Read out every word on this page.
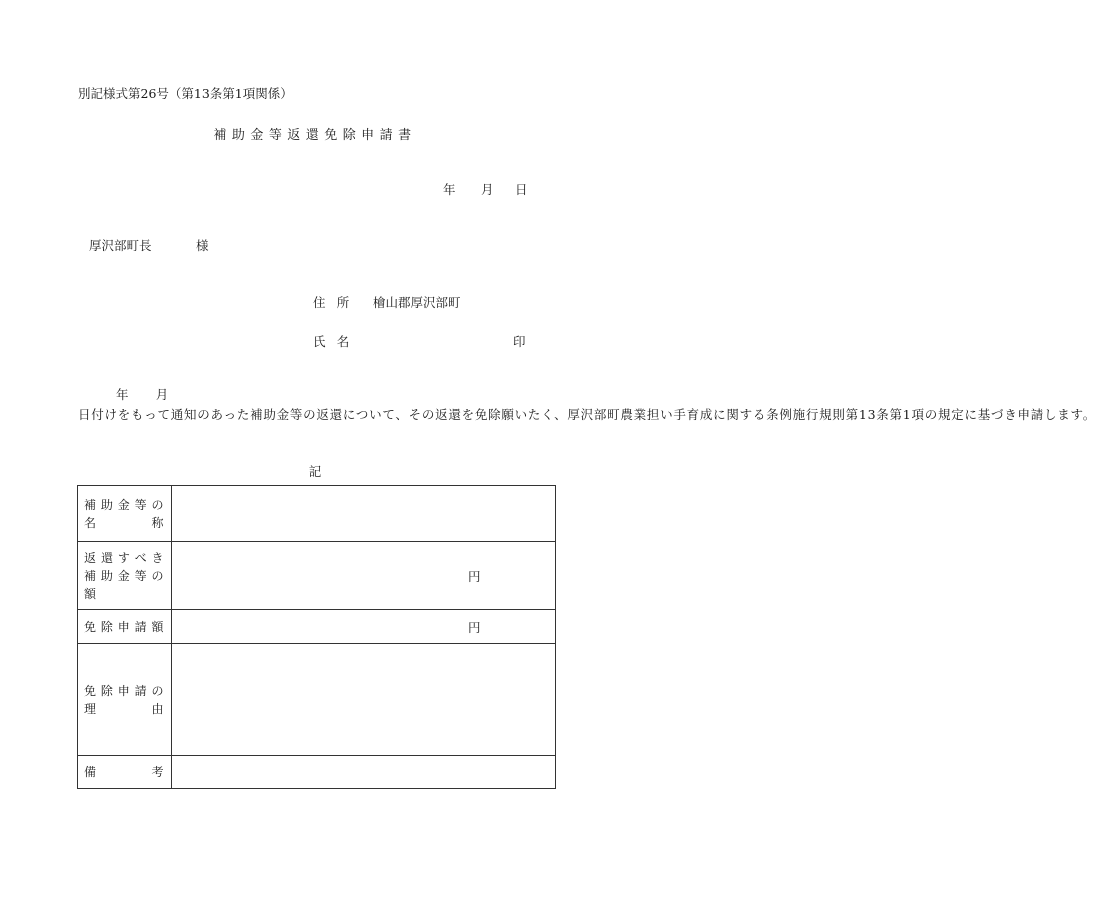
別記様式第26号（第13条第1項関係）
補助金等返還免除申請書
年 月 日
厚沢部町長	様
住所 檜山郡厚沢部町
氏名	印
年　　 月　　日付けをもって通知のあった補助金等の返還について、その返還を免除願いたく、厚沢部町農業担い手育成に関する条例施行規則第13条第1項の規定に基づき申請します。
記
補助金等の
名称	

返還すべき
補助金等の
額	円

免除申請額	円

免除申請の
理由	

備考	
